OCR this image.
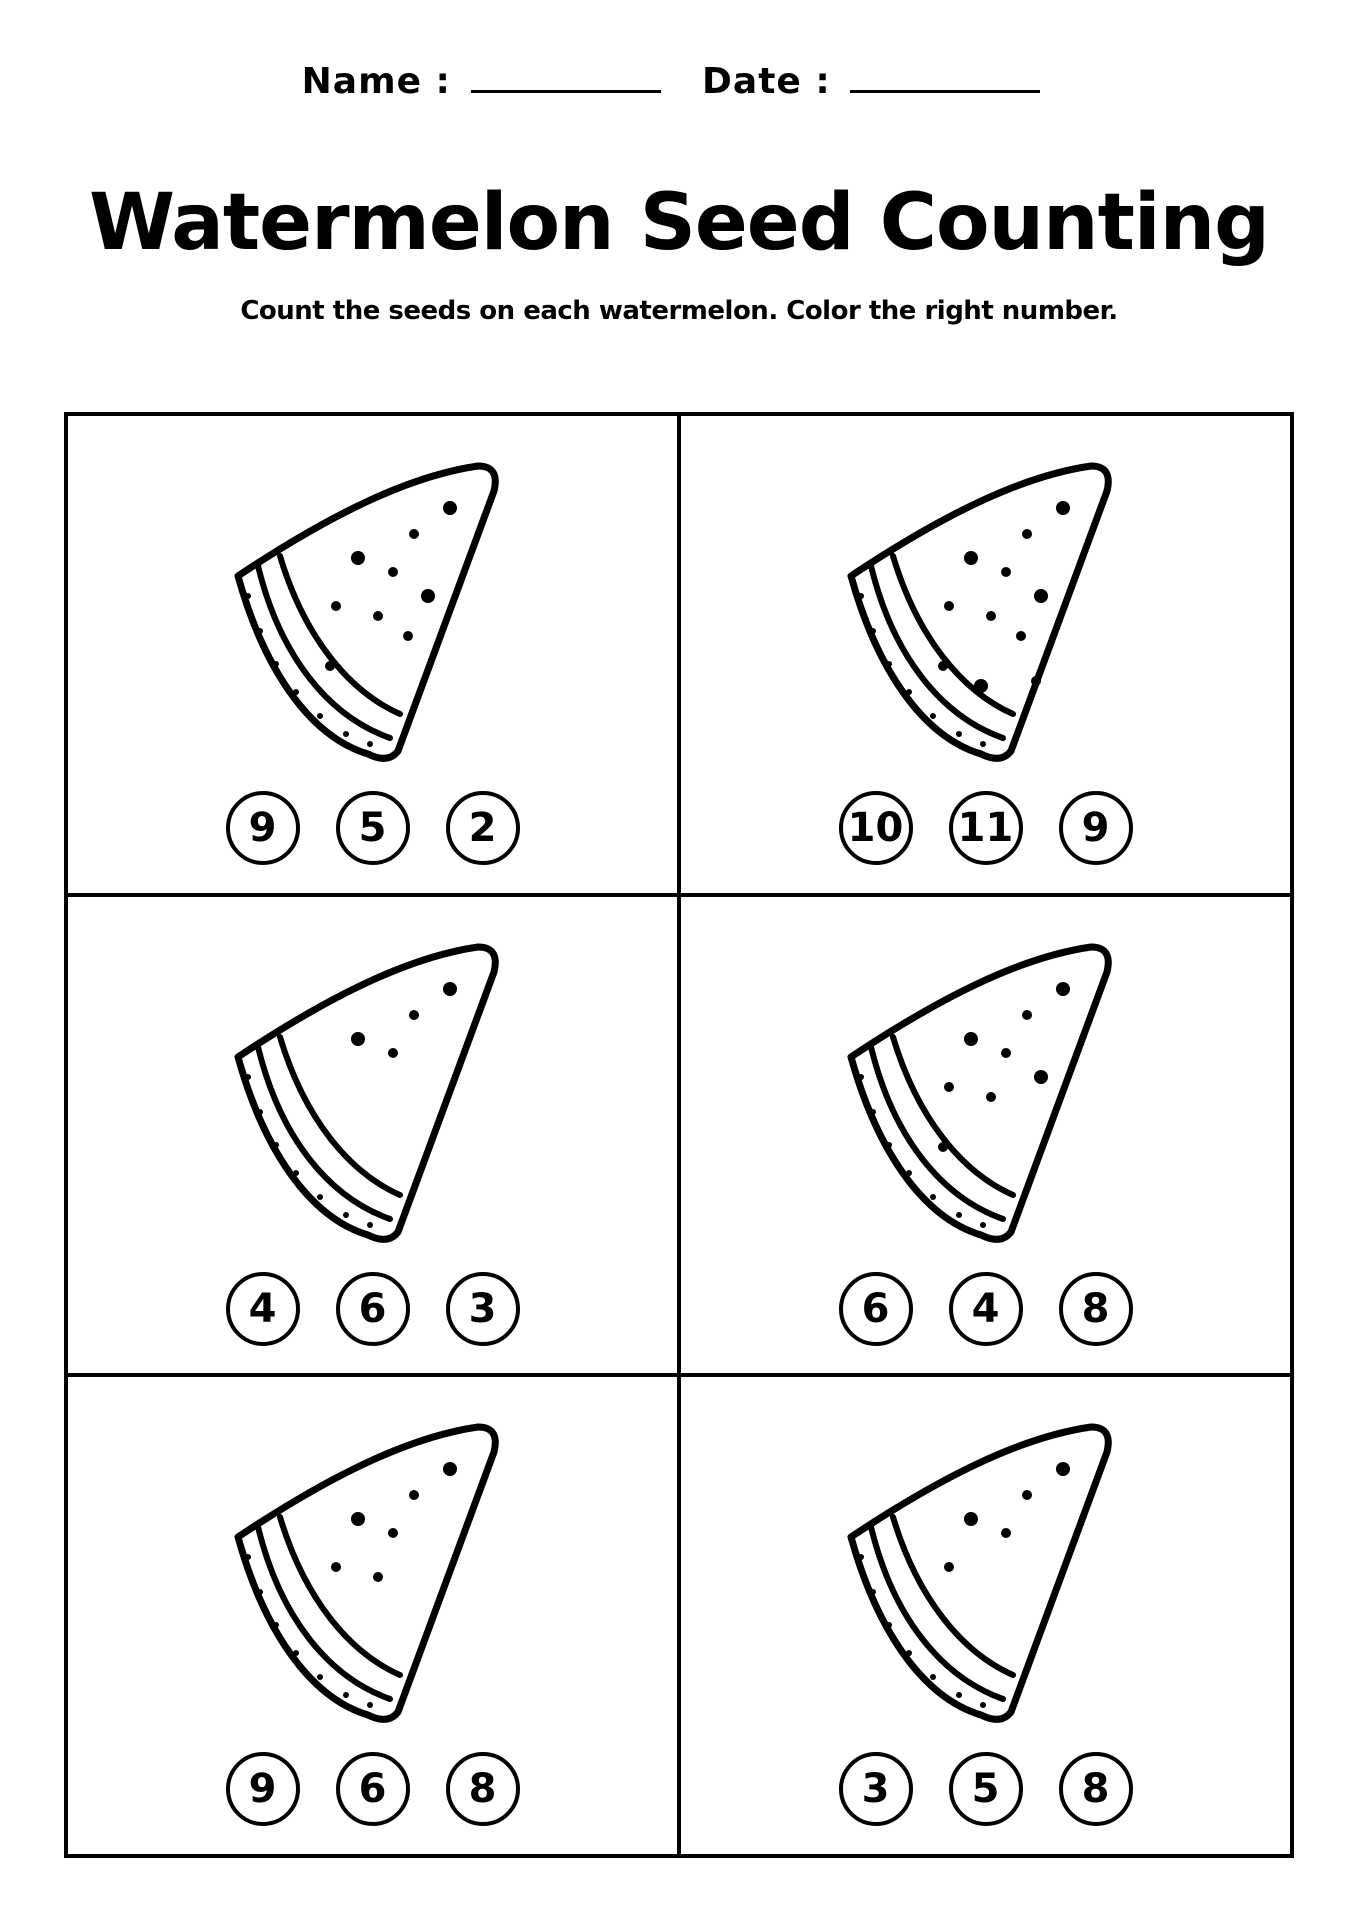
Name :	Date :
Watermelon Seed Counting
Count the seeds on each watermelon. Color the right number.
9	5	2	10 11	9
4	6	3	6	4	8
9	6	8	3	5	8
